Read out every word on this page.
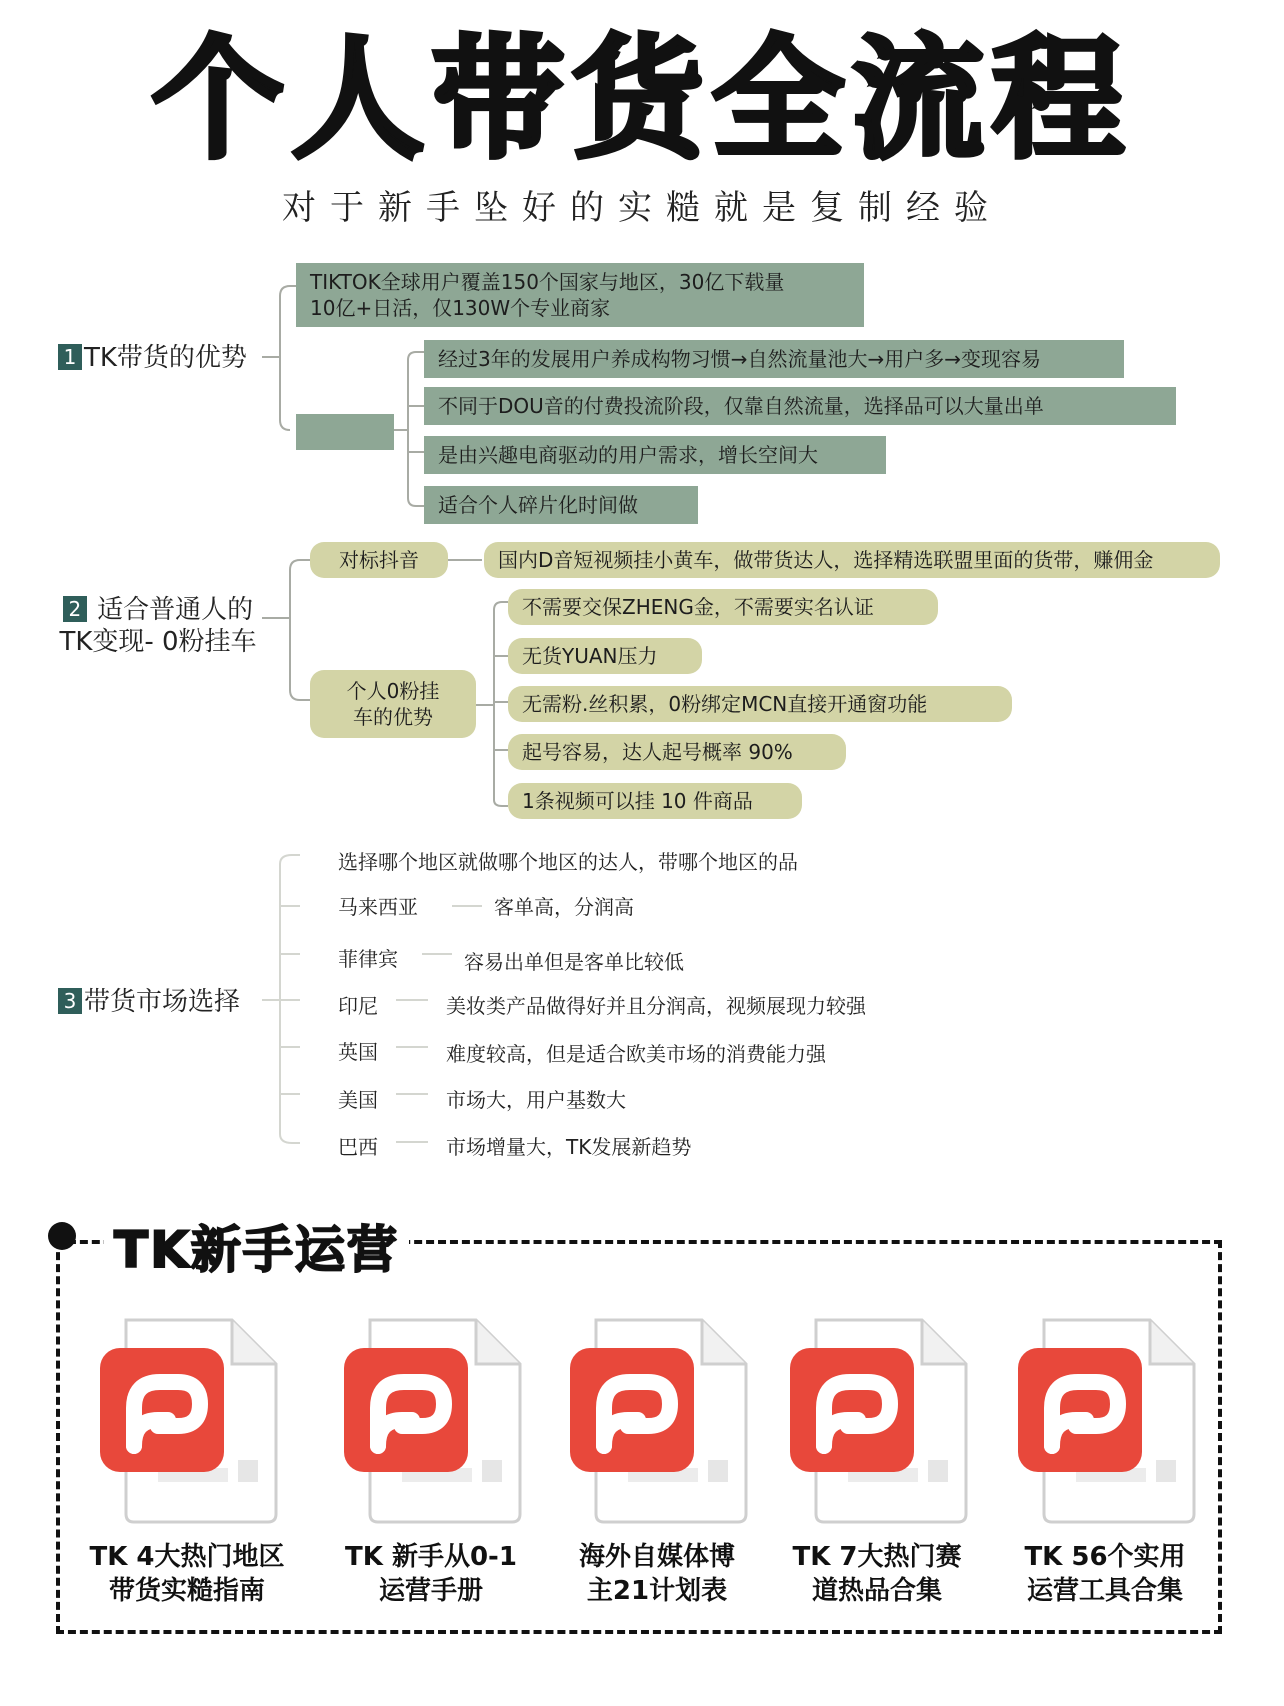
个人带货全流程
对于新手坠好的实糙就是复制经验
1 TK带货的优势
TIKTOK全球用户覆盖150个国家与地区，30亿下载量
10亿+日活，仅130W个专业商家
经过3年的发展用户养成构物习惯→自然流量池大→用户多→变现容易
不同于DOU音的付费投流阶段，仅靠自然流量，选择品可以大量出单
是由兴趣电商驱动的用户需求，增长空间大
适合个人碎片化时间做
2 适合普通人的
TK变现- 0粉挂车
对标抖音	国内D音短视频挂小黄车，做带货达人，选择精选联盟里面的货带，赚佣金
个人0粉挂
车的优势
不需要交保ZHENG金，不需要实名认证
无货YUAN压力
无需粉.丝积累，0粉绑定MCN直接开通窗功能
起号容易，达人起号概率 90%
1条视频可以挂 10 件商品
3 带货市场选择
选择哪个地区就做哪个地区的达人，带哪个地区的品
马来西亚	客单高，分润高
菲律宾	容易出单但是客单比较低
印尼	美妆类产品做得好并且分润高，视频展现力较强
英国	难度较高，但是适合欧美市场的消费能力强
美国	市场大，用户基数大
巴西	市场增量大，TK发展新趋势
TK新手运营
TK 4大热门地区
带货实糙指南
TK 新手从0-1
运营手册
海外自媒体博
主21计划表
TK 7大热门赛
道热品合集
TK 56个实用
运营工具合集
